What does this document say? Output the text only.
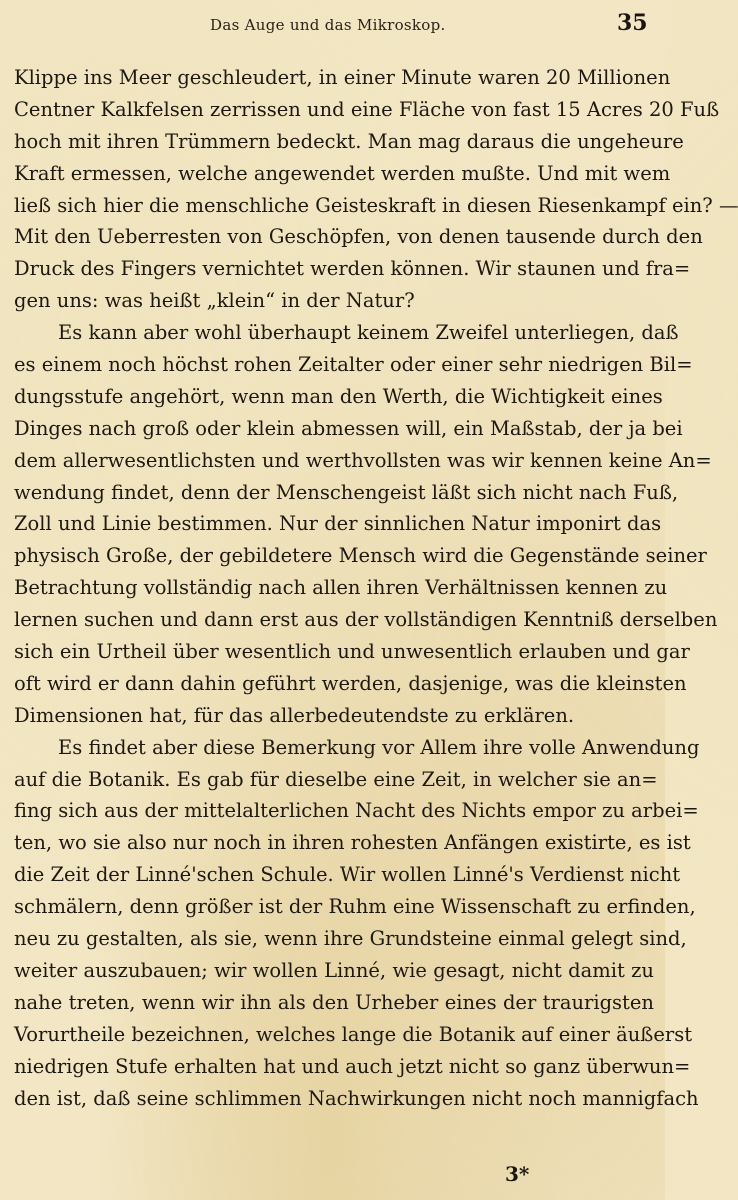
Das Auge und das Mikroskop.	35
Klippe ins Meer geschleudert, in einer Minute waren 20 Millionen
Centner Kalkfelsen zerrissen und eine Fläche von fast 15 Acres 20 Fuß
hoch mit ihren Trümmern bedeckt. Man mag daraus die ungeheure
Kraft ermessen, welche angewendet werden mußte. Und mit wem
ließ sich hier die menschliche Geisteskraft in diesen Riesenkampf ein? —
Mit den Ueberresten von Geschöpfen, von denen tausende durch den
Druck des Fingers vernichtet werden können. Wir staunen und fra=
gen uns: was heißt „klein“ in der Natur?
Es kann aber wohl überhaupt keinem Zweifel unterliegen, daß
es einem noch höchst rohen Zeitalter oder einer sehr niedrigen Bil=
dungsstufe angehört, wenn man den Werth, die Wichtigkeit eines
Dinges nach groß oder klein abmessen will, ein Maßstab, der ja bei
dem allerwesentlichsten und werthvollsten was wir kennen keine An=
wendung findet, denn der Menschengeist läßt sich nicht nach Fuß,
Zoll und Linie bestimmen. Nur der sinnlichen Natur imponirt das
physisch Große, der gebildetere Mensch wird die Gegenstände seiner
Betrachtung vollständig nach allen ihren Verhältnissen kennen zu
lernen suchen und dann erst aus der vollständigen Kenntniß derselben
sich ein Urtheil über wesentlich und unwesentlich erlauben und gar
oft wird er dann dahin geführt werden, dasjenige, was die kleinsten
Dimensionen hat, für das allerbedeutendste zu erklären.
Es findet aber diese Bemerkung vor Allem ihre volle Anwendung
auf die Botanik. Es gab für dieselbe eine Zeit, in welcher sie an=
fing sich aus der mittelalterlichen Nacht des Nichts empor zu arbei=
ten, wo sie also nur noch in ihren rohesten Anfängen existirte, es ist
die Zeit der Linné'schen Schule. Wir wollen Linné's Verdienst nicht
schmälern, denn größer ist der Ruhm eine Wissenschaft zu erfinden,
neu zu gestalten, als sie, wenn ihre Grundsteine einmal gelegt sind,
weiter auszubauen; wir wollen Linné, wie gesagt, nicht damit zu
nahe treten, wenn wir ihn als den Urheber eines der traurigsten
Vorurtheile bezeichnen, welches lange die Botanik auf einer äußerst
niedrigen Stufe erhalten hat und auch jetzt nicht so ganz überwun=
den ist, daß seine schlimmen Nachwirkungen nicht noch mannigfach
3*
